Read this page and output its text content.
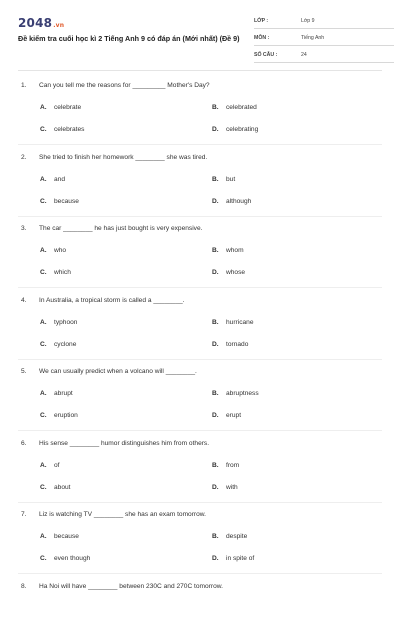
2048.vn
Đề kiểm tra cuối học kì 2 Tiếng Anh 9 có đáp án (Mới nhất) (Đề 9)
LỚP :	Lớp 9
MÔN :	Tiếng Anh
SỐ CÂU :	24
1. Can you tell me the reasons for _________ Mother's Day?
A. celebrate	B. celebrated
C. celebrates	D. celebrating
2. She tried to finish her homework ________ she was tired.
A. and	B. but
C. because	D. although
3. The car ________ he has just bought is very expensive.
A. who	B. whom
C. which	D. whose
4. In Australia, a tropical storm is called a ________.
A. typhoon	B. hurricane
C. cyclone	D. tornado
5. We can usually predict when a volcano will ________.
A. abrupt	B. abruptness
C. eruption	D. erupt
6. His sense ________ humor distinguishes him from others.
A. of	B. from
C. about	D. with
7. Liz is watching TV ________ she has an exam tomorrow.
A. because	B. despite
C. even though	D. in spite of
8. Ha Noi will have ________ between 230C and 270C tomorrow.
